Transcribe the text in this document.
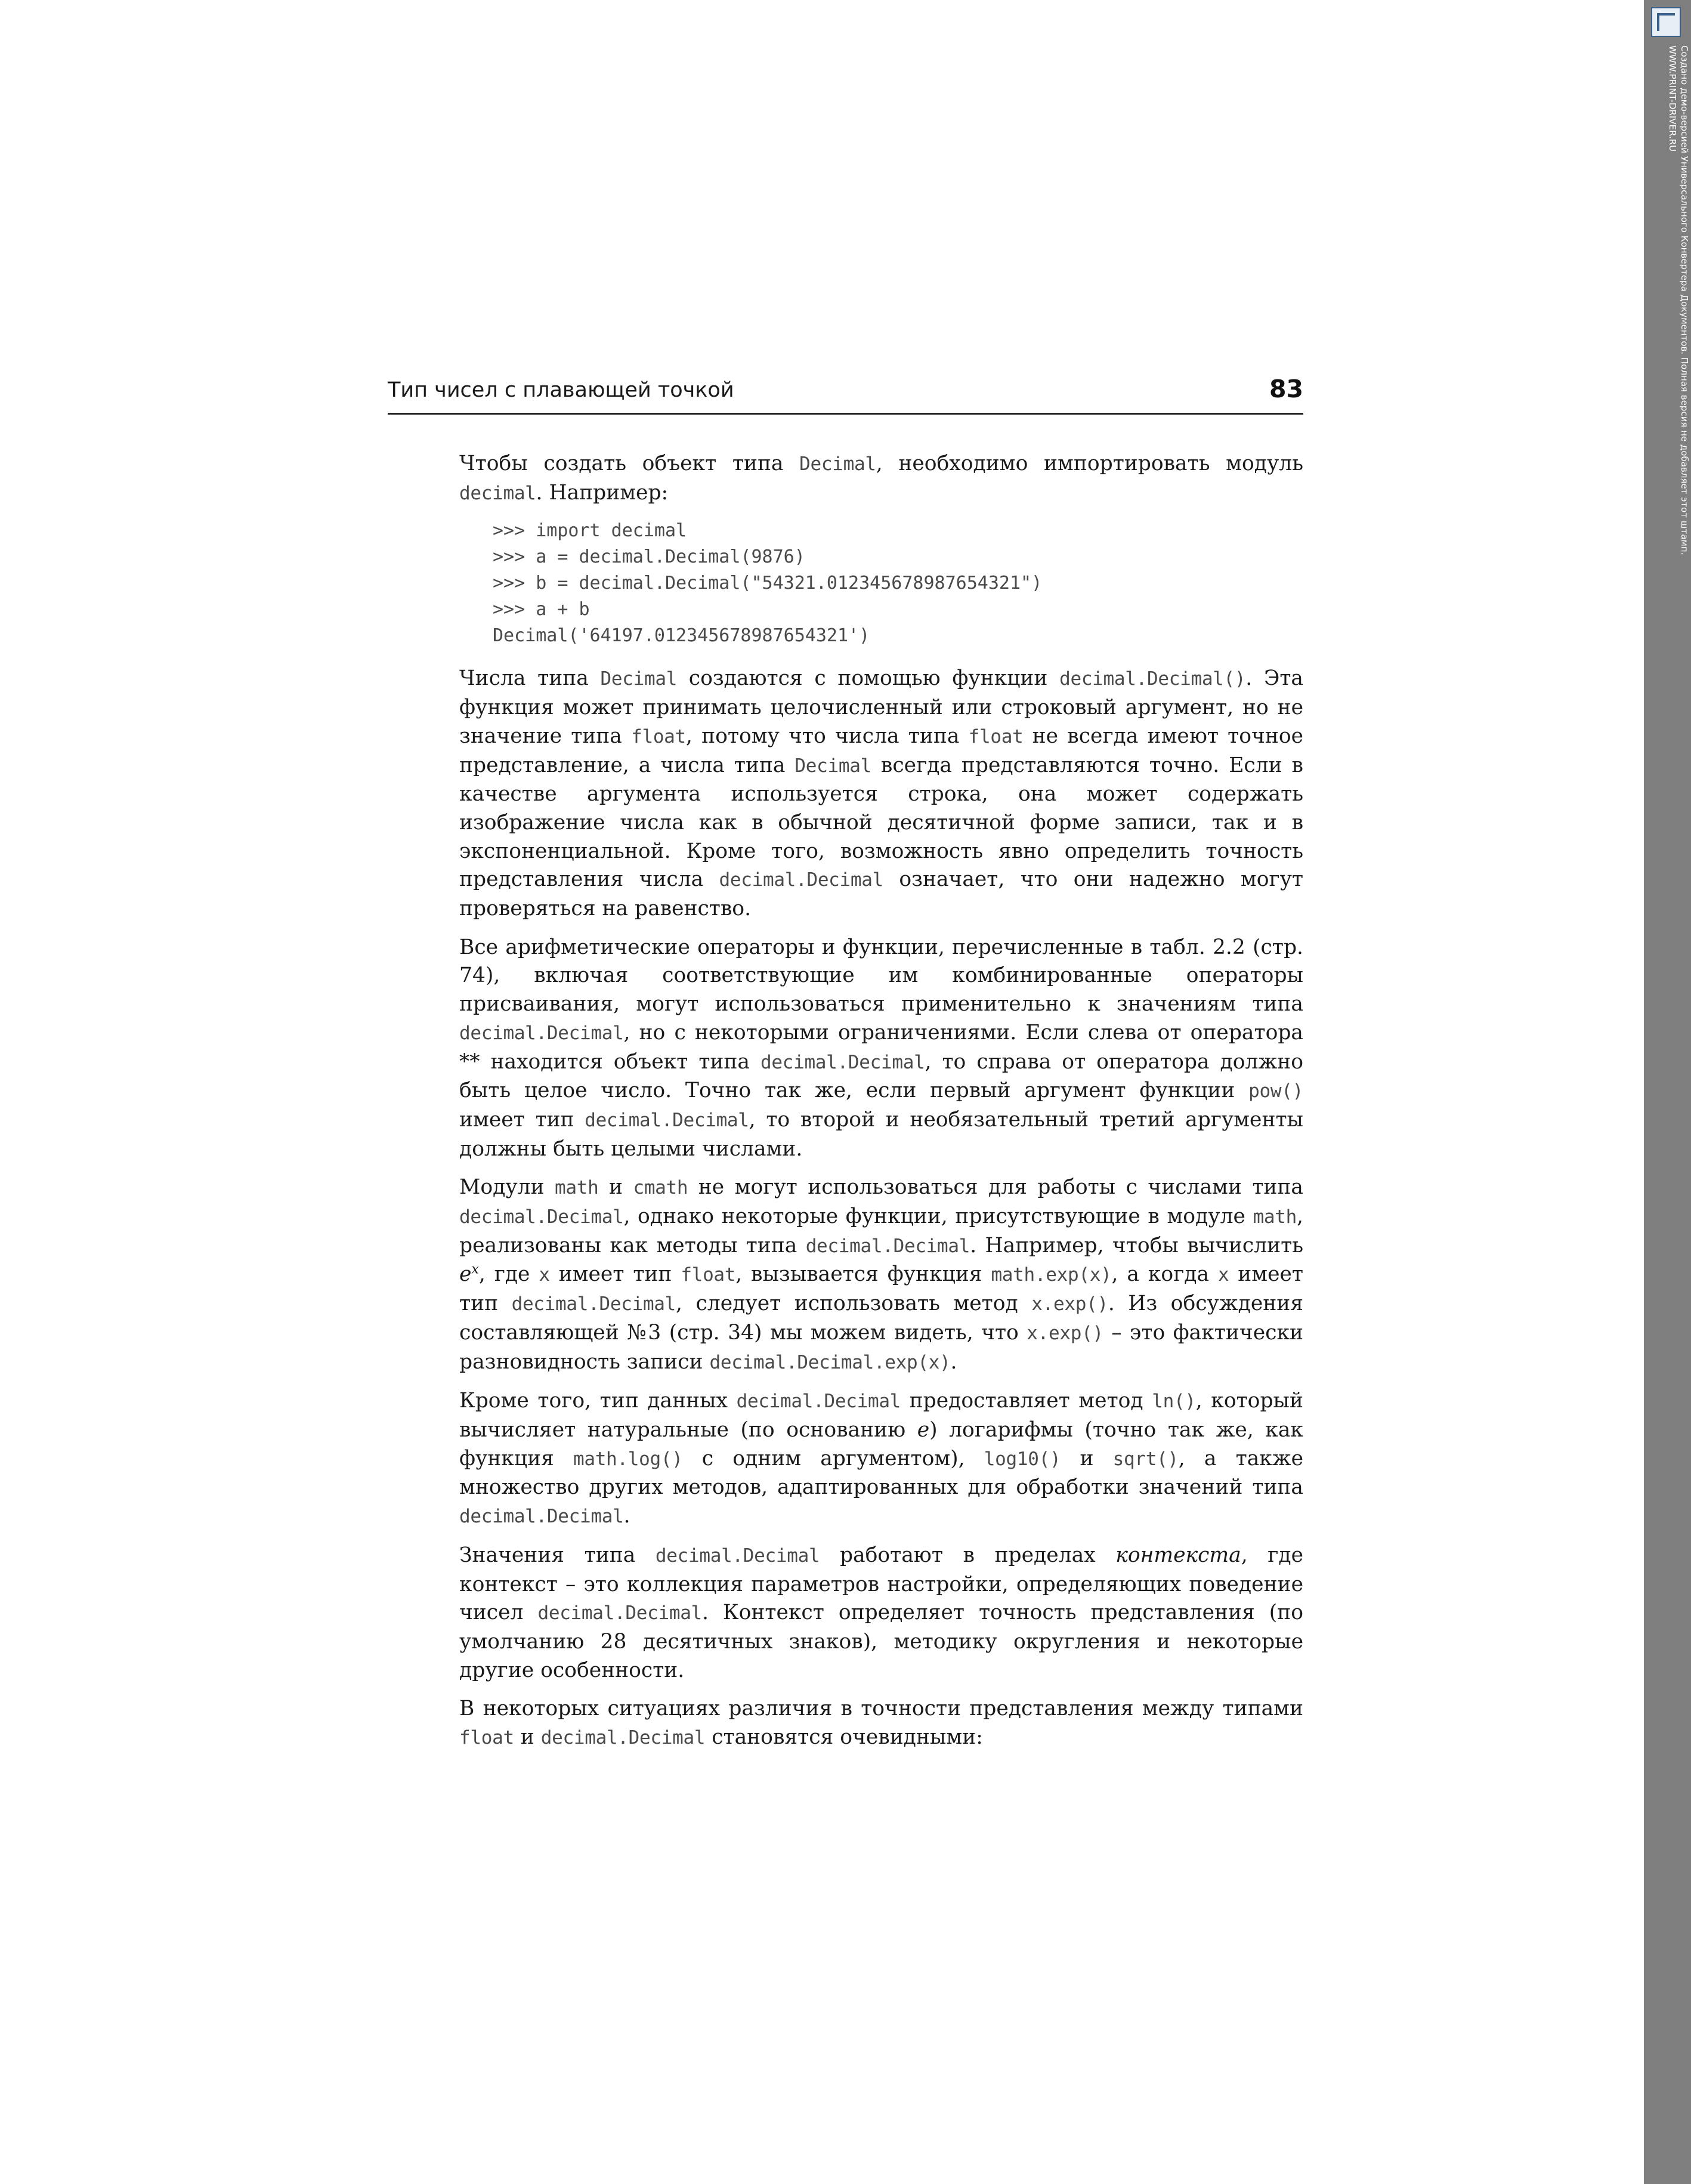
Тип чисел с плавающей точкой	83

Чтобы создать объект типа Decimal, необходимо импортировать модуль decimal. Например:

>>> import decimal
>>> a = decimal.Decimal(9876)
>>> b = decimal.Decimal("54321.012345678987654321")
>>> a + b
Decimal('64197.012345678987654321')

Числа типа Decimal создаются с помощью функции decimal.Decimal(). Эта функция может принимать целочисленный или строковый аргумент, но не значение типа float, потому что числа типа float не всегда имеют точное представление, а числа типа Decimal всегда представляются точно. Если в качестве аргумента используется строка, она может содержать изображение числа как в обычной десятичной форме записи, так и в экспоненциальной. Кроме того, возможность явно определить точность представления числа decimal.Decimal означает, что они надежно могут проверяться на равенство.

Все арифметические операторы и функции, перечисленные в табл. 2.2 (стр. 74), включая соответствующие им комбинированные операторы присваивания, могут использоваться применительно к значениям типа decimal.Decimal, но с некоторыми ограничениями. Если слева от оператора ** находится объект типа decimal.Decimal, то справа от оператора должно быть целое число. Точно так же, если первый аргумент функции pow() имеет тип decimal.Decimal, то второй и необязательный третий аргументы должны быть целыми числами.

Модули math и cmath не могут использоваться для работы с числами типа decimal.Decimal, однако некоторые функции, присутствующие в модуле math, реализованы как методы типа decimal.Decimal. Например, чтобы вычислить $e^x$, где x имеет тип float, вызывается функция math.exp(x), а когда x имеет тип decimal.Decimal, следует использовать метод x.exp(). Из обсуждения составляющей №3 (стр. 34) мы можем видеть, что x.exp() – это фактически разновидность записи decimal.Decimal.exp(x).

Кроме того, тип данных decimal.Decimal предоставляет метод ln(), который вычисляет натуральные (по основанию e) логарифмы (точно так же, как функция math.log() с одним аргументом), log10() и sqrt(), а также множество других методов, адаптированных для обработки значений типа decimal.Decimal.

Значения типа decimal.Decimal работают в пределах контекста, где контекст – это коллекция параметров настройки, определяющих поведение чисел decimal.Decimal. Контекст определяет точность представления (по умолчанию 28 десятичных знаков), методику округления и некоторые другие особенности.

В некоторых ситуациях различия в точности представления между типами float и decimal.Decimal становятся очевидными:

Создано демо-версией Универсального Конвертера Документов. Полная версия не добавляет этот штамп.
WWW.PRINT-DRIVER.RU
